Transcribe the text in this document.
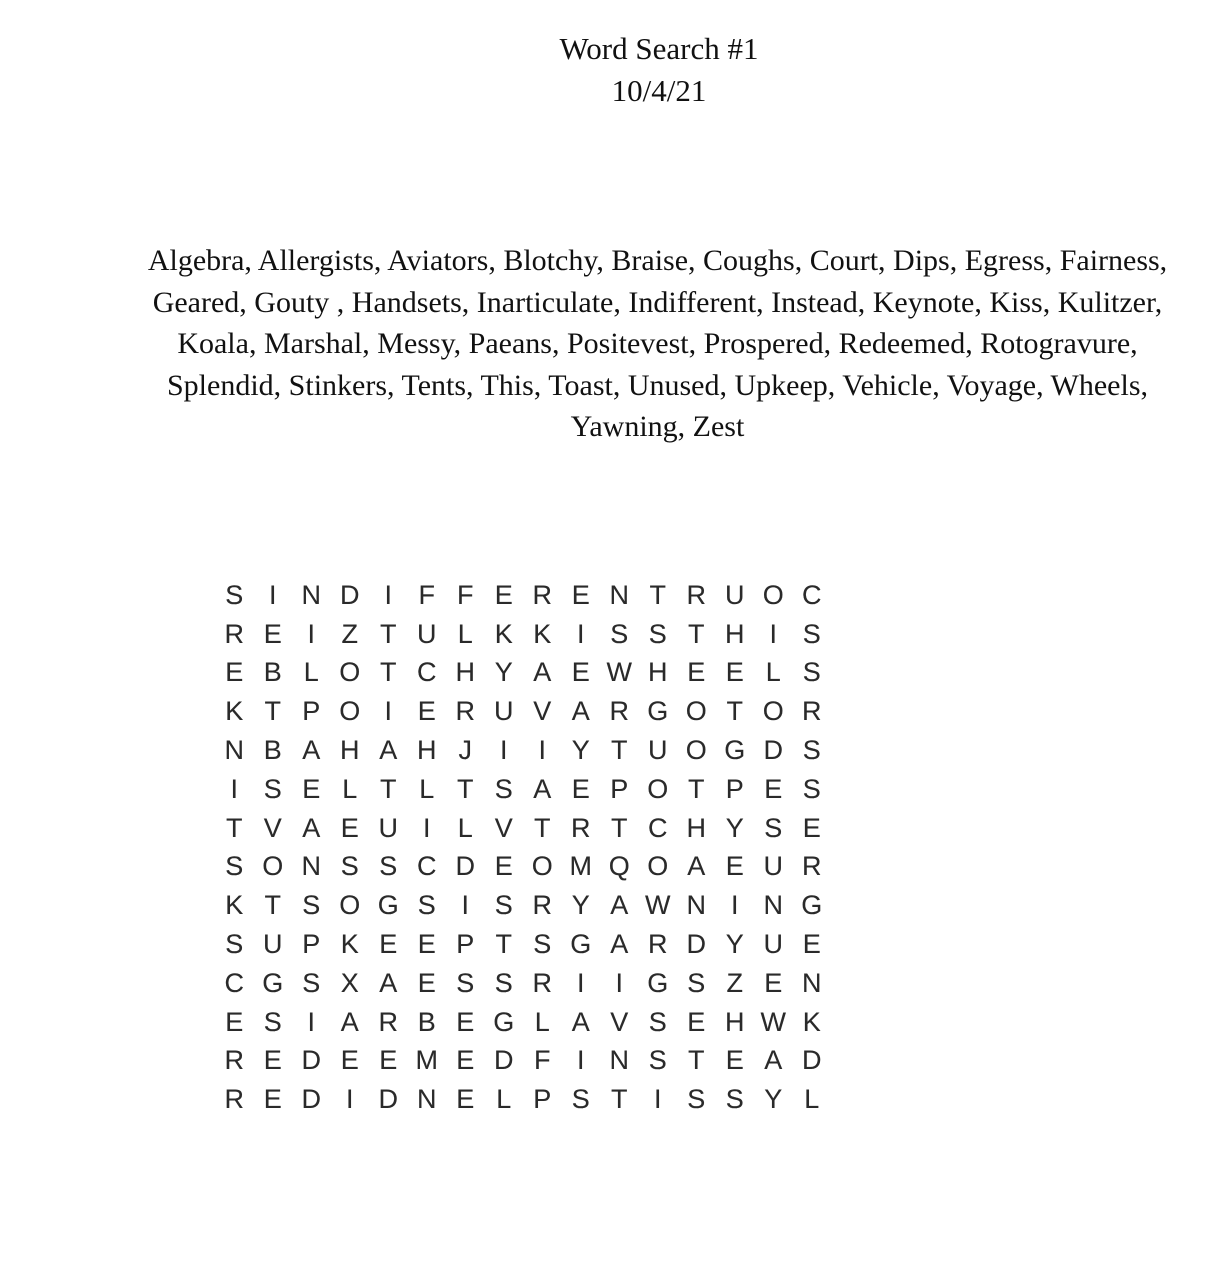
Word Search #1
10/4/21
Algebra, Allergists, Aviators, Blotchy, Braise, Coughs, Court, Dips, Egress, Fairness,
Geared, Gouty , Handsets, Inarticulate, Indifferent, Instead, Keynote, Kiss, Kulitzer,
Koala, Marshal, Messy, Paeans, Positevest, Prospered, Redeemed, Rotogravure,
Splendid, Stinkers, Tents, This, Toast, Unused, Upkeep, Vehicle, Voyage, Wheels,
Yawning, Zest
S I N D I F F E R E N T R U O C
R E I Z T U L K K I S S T H I S
E B L O T C H Y A E W H E E L S
K T P O I E R U V A R G O T O R
N B A H A H J	I	I Y T U O G D S
I S E L T L T S A E P O T P E S
T V A E U I	L V T R T C H Y S E
S O N S S C D E O M Q O A E U R
K T S O G S I S R Y A W N I N G
S U P K E E P T S G A R D Y U E
C G S X A E S S R I	I G S Z E N
E S I A R B E G L A V S E H W K
R E D E E M E D F I N S T E A D
R E D I D N E L P S T I S S Y L
